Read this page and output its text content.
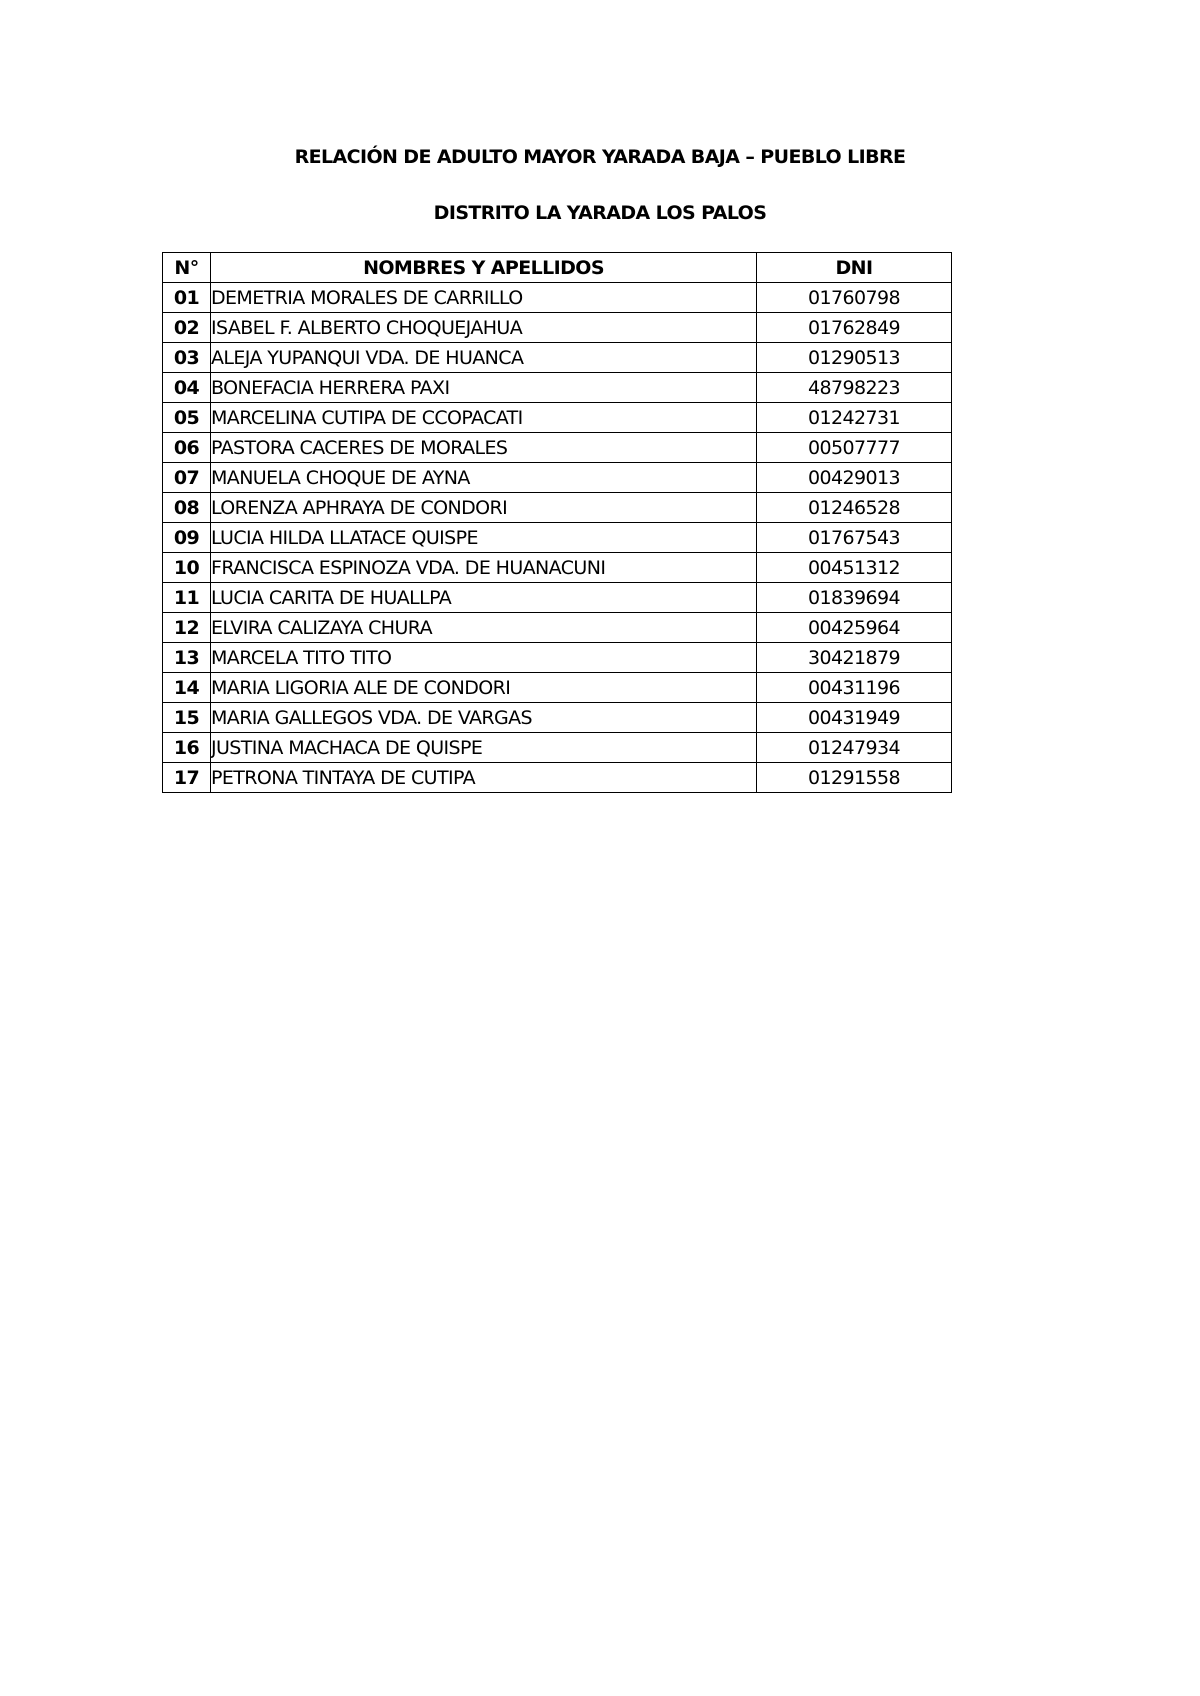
RELACIÓN DE ADULTO MAYOR YARADA BAJA – PUEBLO LIBRE
DISTRITO LA YARADA LOS PALOS
N°	NOMBRES Y APELLIDOS	DNI
01	DEMETRIA MORALES DE CARRILLO	01760798
02	ISABEL F. ALBERTO CHOQUEJAHUA	01762849
03	ALEJA YUPANQUI VDA. DE HUANCA	01290513
04	BONEFACIA HERRERA PAXI	48798223
05	MARCELINA CUTIPA DE CCOPACATI	01242731
06	PASTORA CACERES DE MORALES	00507777
07	MANUELA CHOQUE DE AYNA	00429013
08	LORENZA APHRAYA DE CONDORI	01246528
09	LUCIA HILDA LLATACE QUISPE	01767543
10	FRANCISCA ESPINOZA VDA. DE HUANACUNI	00451312
11	LUCIA CARITA DE HUALLPA	01839694
12	ELVIRA CALIZAYA CHURA	00425964
13	MARCELA TITO TITO	30421879
14	MARIA LIGORIA ALE DE CONDORI	00431196
15	MARIA GALLEGOS VDA. DE VARGAS	00431949
16	JUSTINA MACHACA DE QUISPE	01247934
17	PETRONA TINTAYA DE CUTIPA	01291558
